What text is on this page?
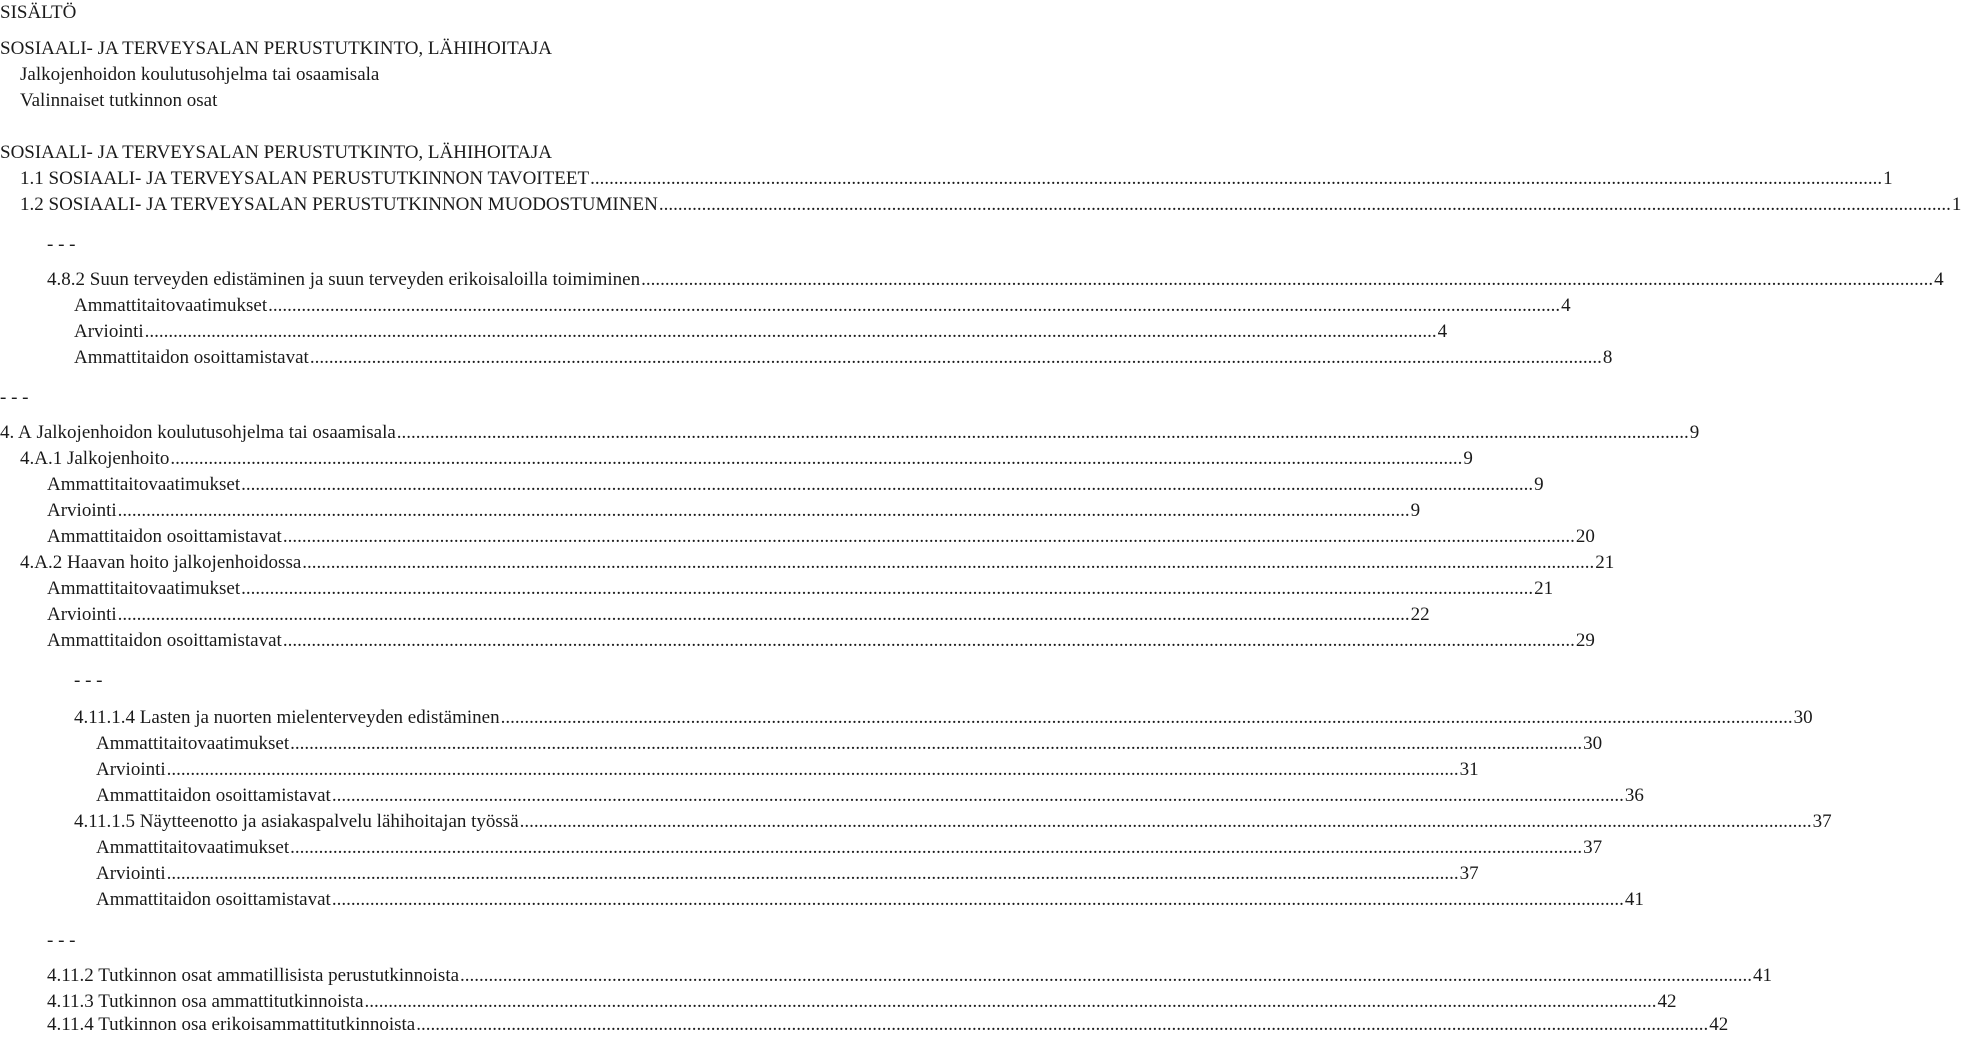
SISÄLTÖ
SOSIAALI- JA TERVEYSALAN PERUSTUTKINTO, LÄHIHOITAJA
Jalkojenhoidon koulutusohjelma tai osaamisala
Valinnaiset tutkinnon osat
SOSIAALI- JA TERVEYSALAN PERUSTUTKINTO, LÄHIHOITAJA
1.1 SOSIAALI- JA TERVEYSALAN PERUSTUTKINNON TAVOITEET .....	1
1.2 SOSIAALI- JA TERVEYSALAN PERUSTUTKINNON MUODOSTUMINEN .....	1
- - -
4.8.2 Suun terveyden edistäminen ja suun terveyden erikoisaloilla toimiminen .....	4
Ammattitaitovaatimukset .....	4
Arviointi .....	4
Ammattitaidon osoittamistavat .....	8
- - -
4. A Jalkojenhoidon koulutusohjelma tai osaamisala .....	9
4.A.1 Jalkojenhoito .....	9
Ammattitaitovaatimukset .....	9
Arviointi .....	9
Ammattitaidon osoittamistavat .....	20
4.A.2 Haavan hoito jalkojenhoidossa .....	21
Ammattitaitovaatimukset .....	21
Arviointi .....	22
Ammattitaidon osoittamistavat .....	29
- - -
4.11.1.4 Lasten ja nuorten mielenterveyden edistäminen .....	30
Ammattitaitovaatimukset .....	30
Arviointi .....	31
Ammattitaidon osoittamistavat .....	36
4.11.1.5 Näytteenotto ja asiakaspalvelu lähihoitajan työssä .....	37
Ammattitaitovaatimukset .....	37
Arviointi .....	37
Ammattitaidon osoittamistavat .....	41
- - -
4.11.2 Tutkinnon osat ammatillisista perustutkinnoista .....	41
4.11.3 Tutkinnon osa ammattitutkinnoista .....	42
4.11.4 Tutkinnon osa erikoisammattitutkinnoista .....	42
